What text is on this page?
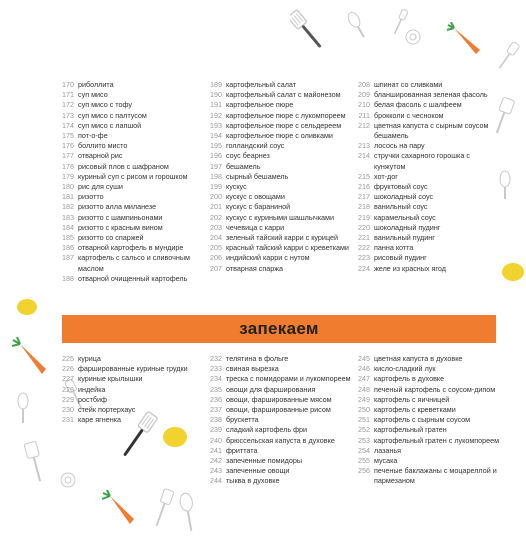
170 риболлита
171 суп мисо
172 суп мисо с тофу
173 суп мисо с палтусом
174 суп мисо с лапшой
175 пот-о-фе
176 боллито мисто
177 отварной рис
178 рисовый плов с шафраном
179 куриный суп с рисом и горошком
180 рис для суши
181 ризотто
182 ризотто алла миланезе
183 ризотто с шампиньонами
184 ризотто с красным вином
185 ризотто со спаржей
186 отварной картофель в мундире
187 картофель с сальсо и сливочным маслом
188 отварной очищенный картофель
189 картофельный салат
190 картофельный салат с майонезом
191 картофельное пюре
192 картофельное пюре с лукомпореем
193 картофельное пюре с сельдереем
194 картофельное пюре с оливками
195 голландский соус
196 соус беарнез
197 бешамель
198 сырный бешамель
199 кускус
200 кускус с овощами
201 кускус с бараниной
202 кускус с куриными шашлычками
203 чечевица с карри
204 зеленый тайский карри с курицей
205 красный тайский карри с креветками
206 индийский карри с нутом
207 отварная спаржа
208 шпинат со сливками
209 бланшированная зеленая фасоль
210 белая фасоль с шалфеем
211 брокколи с чесноком
212 цветная капуста с сырным соусом бешамель
213 лосось на пару
214 стручки сахарного горошка с кунжутом
215 хот-дог
216 фруктовый соус
217 шоколадный соус
218 ванильный соус
219 карамельный соус
220 шоколадный пудинг
221 ванильный пудинг
222 панна котта
223 рисовый пудинг
224 желе из красных ягод
запекаем
225 курица
226 фаршированные куриные грудки
227 куриные крылышки
228 индейка
229 ростбиф
230 стейк портерхаус
231 каре ягненка
232 телятина в фольге
233 свиная вырезка
234 треска с помидорами и лукомпореем
235 овощи для фарширования
236 овощи, фаршированные мясом
237 овощи, фаршированные рисом
238 брускетта
239 сладкий картофель фри
240 брюссельская капуста в духовке
241 фриттата
242 запеченные помидоры
243 запеченные овощи
244 тыква в духовке
245 цветная капуста в духовке
246 кисло-сладкий лук
247 картофель в духовке
248 печеный картофель с соусом-дипом
249 картофель с яичницей
250 картофель с креветками
251 картофель с сырным соусом
252 картофельный гратен
253 картофельный гратен с лукомпореем
254 лазанья
255 мусака
256 печеные баклажаны с моцареллой и пармезаном
